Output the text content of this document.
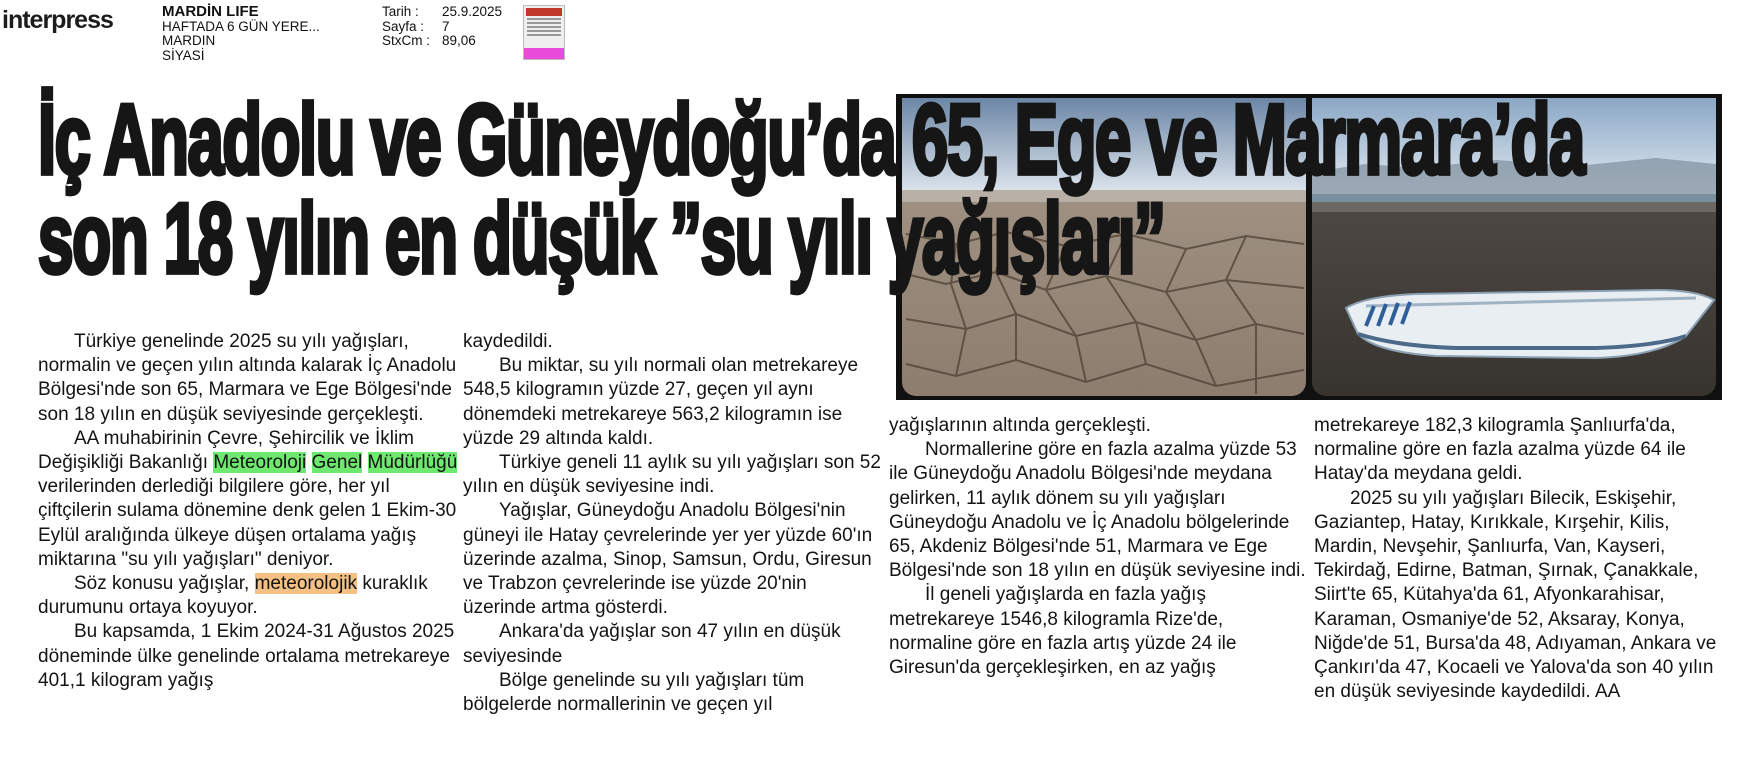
interpress	MARDİN LIFE
HAFTADA 6 GÜN YERE...
MARDIN
SİYASİ
Tarih :	25.9.2025
Sayfa :	7
StxCm : 89,06
İç Anadolu ve Güneydoğu’da 65, Ege ve Marmara’da
son 18 yılın en düşük ”su yılı yağışları”

Türkiye genelinde 2025 su yılı yağışları, normalin ve geçen yılın altında kalarak İç Anadolu Bölgesi'nde son 65, Marmara ve Ege Bölgesi'nde son 18 yılın en düşük seviyesinde gerçekleşti.

AA muhabirinin Çevre, Şehircilik ve İklim Değişikliği Bakanlığı Meteoroloji Genel Müdürlüğü verilerinden derlediği bilgilere göre, her yıl çiftçilerin sulama dönemine denk gelen 1 Ekim-30 Eylül aralığında ülkeye düşen ortalama yağış miktarına "su yılı yağışları" deniyor.

Söz konusu yağışlar, meteorolojik kuraklık durumunu ortaya koyuyor.

Bu kapsamda, 1 Ekim 2024-31 Ağustos 2025 döneminde ülke genelinde ortalama metrekareye 401,1 kilogram yağış

kaydedildi.

Bu miktar, su yılı normali olan metrekareye 548,5 kilogramın yüzde 27, geçen yıl aynı dönemdeki metrekareye 563,2 kilogramın ise yüzde 29 altında kaldı.

Türkiye geneli 11 aylık su yılı yağışları son 52 yılın en düşük seviyesine indi.

Yağışlar, Güneydoğu Anadolu Bölgesi'nin güneyi ile Hatay çevrelerinde yer yer yüzde 60'ın üzerinde azalma, Sinop, Samsun, Ordu, Giresun ve Trabzon çevrelerinde ise yüzde 20'nin üzerinde artma gösterdi.

Ankara'da yağışlar son 47 yılın en düşük seviyesinde

Bölge genelinde su yılı yağışları tüm bölgelerde normallerinin ve geçen yıl

yağışlarının altında gerçekleşti.

Normallerine göre en fazla azalma yüzde 53 ile Güneydoğu Anadolu Bölgesi'nde meydana gelirken, 11 aylık dönem su yılı yağışları Güneydoğu Anadolu ve İç Anadolu bölgelerinde 65, Akdeniz Bölgesi'nde 51, Marmara ve Ege Bölgesi'nde son 18 yılın en düşük seviyesine indi.

İl geneli yağışlarda en fazla yağış metrekareye 1546,8 kilogramla Rize'de, normaline göre en fazla artış yüzde 24 ile Giresun'da gerçekleşirken, en az yağış

metrekareye 182,3 kilogramla Şanlıurfa'da, normaline göre en fazla azalma yüzde 64 ile Hatay'da meydana geldi.

2025 su yılı yağışları Bilecik, Eskişehir, Gaziantep, Hatay, Kırıkkale, Kırşehir, Kilis, Mardin, Nevşehir, Şanlıurfa, Van, Kayseri, Tekirdağ, Edirne, Batman, Şırnak, Çanakkale, Siirt'te 65, Kütahya'da 61, Afyonkarahisar, Karaman, Osmaniye'de 52, Aksaray, Konya, Niğde'de 51, Bursa'da 48, Adıyaman, Ankara ve Çankırı'da 47, Kocaeli ve Yalova'da son 40 yılın en düşük seviyesinde kaydedildi. AA
